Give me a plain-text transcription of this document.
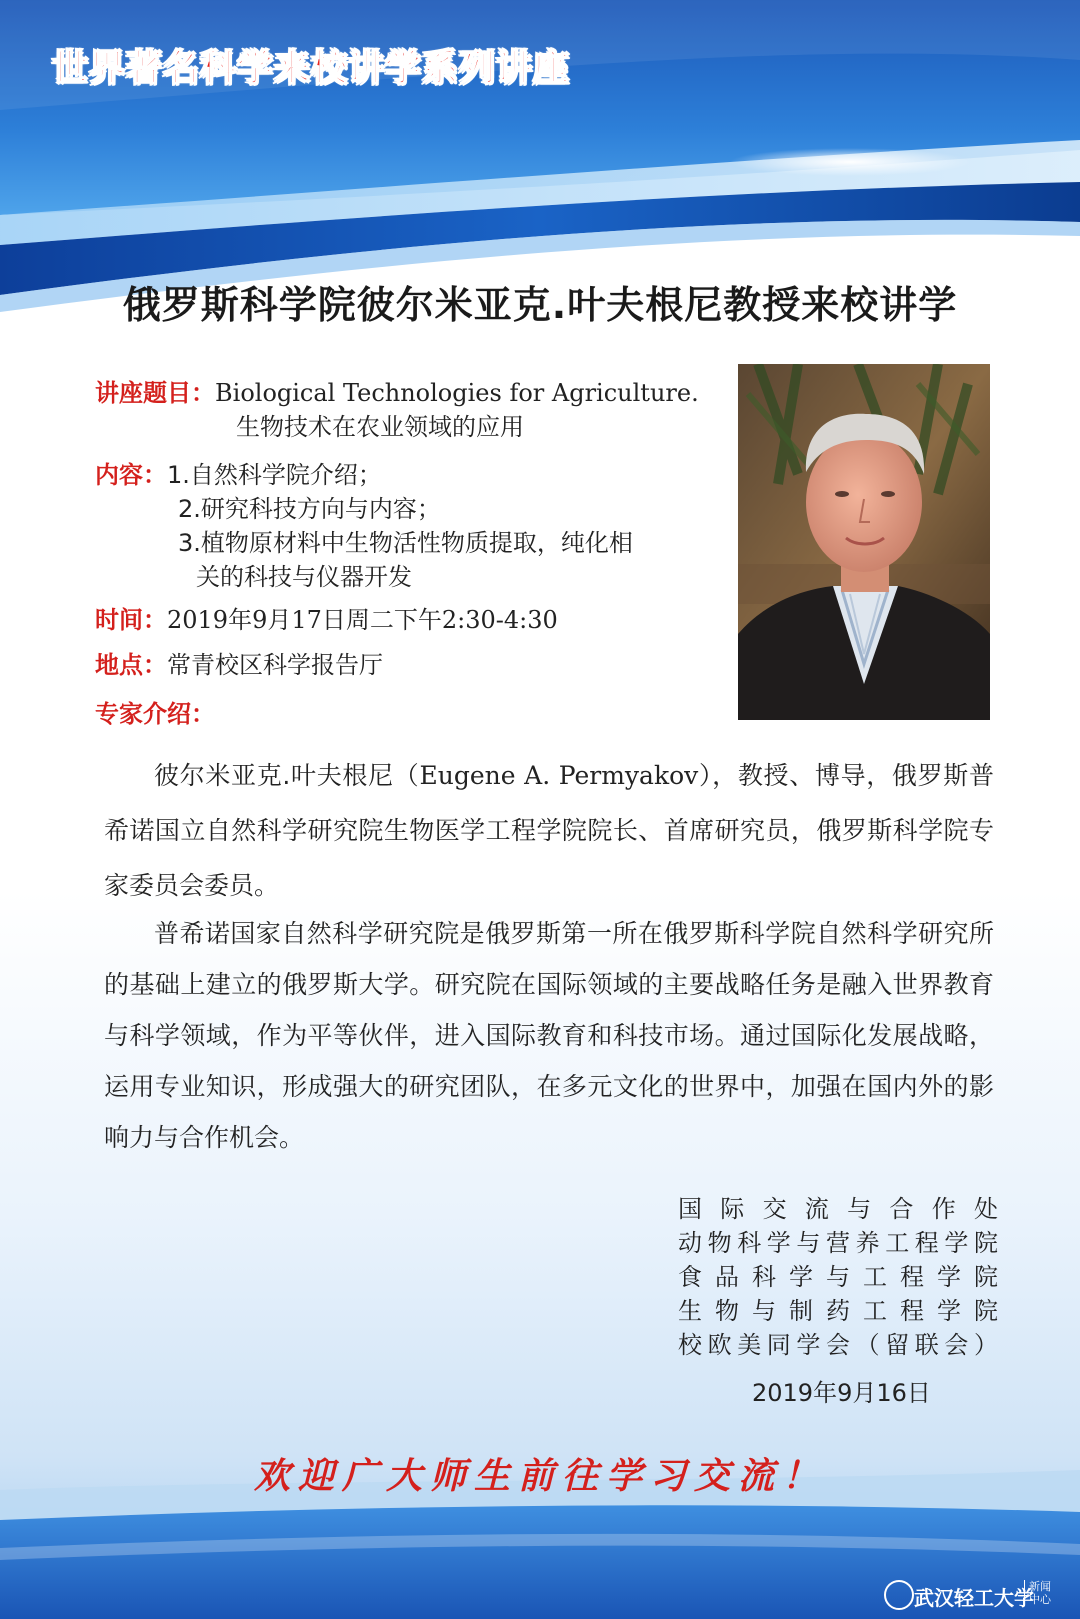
世界著名科学来校讲学系列讲座
俄罗斯科学院彼尔米亚克.叶夫根尼教授来校讲学
讲座题目：Biological Technologies for Agriculture.
生物技术在农业领域的应用
内容：1.自然科学院介绍；
2.研究科技方向与内容；
3.植物原材料中生物活性物质提取，纯化相
关的科技与仪器开发
时间：2019年9月17日周二下午2:30-4:30
地点：常青校区科学报告厅
专家介绍：

彼尔米亚克.叶夫根尼（Eugene A. Permyakov），教授、博导，俄罗斯普希诺国立自然科学研究院生物医学工程学院院长、首席研究员，俄罗斯科学院专家委员会委员。

普希诺国家自然科学研究院是俄罗斯第一所在俄罗斯科学院自然科学研究所的基础上建立的俄罗斯大学。研究院在国际领域的主要战略任务是融入世界教育与科学领域，作为平等伙伴，进入国际教育和科技市场。通过国际化发展战略，运用专业知识，形成强大的研究团队，在多元文化的世界中，加强在国内外的影响力与合作机会。

国际交流与合作处
动物科学与营养工程学院
食品科学与工程学院
生物与制药工程学院
校欧美同学会（留联会）
2019年9月16日

欢迎广大师生前往学习交流！

武汉轻工大学
新闻中心
